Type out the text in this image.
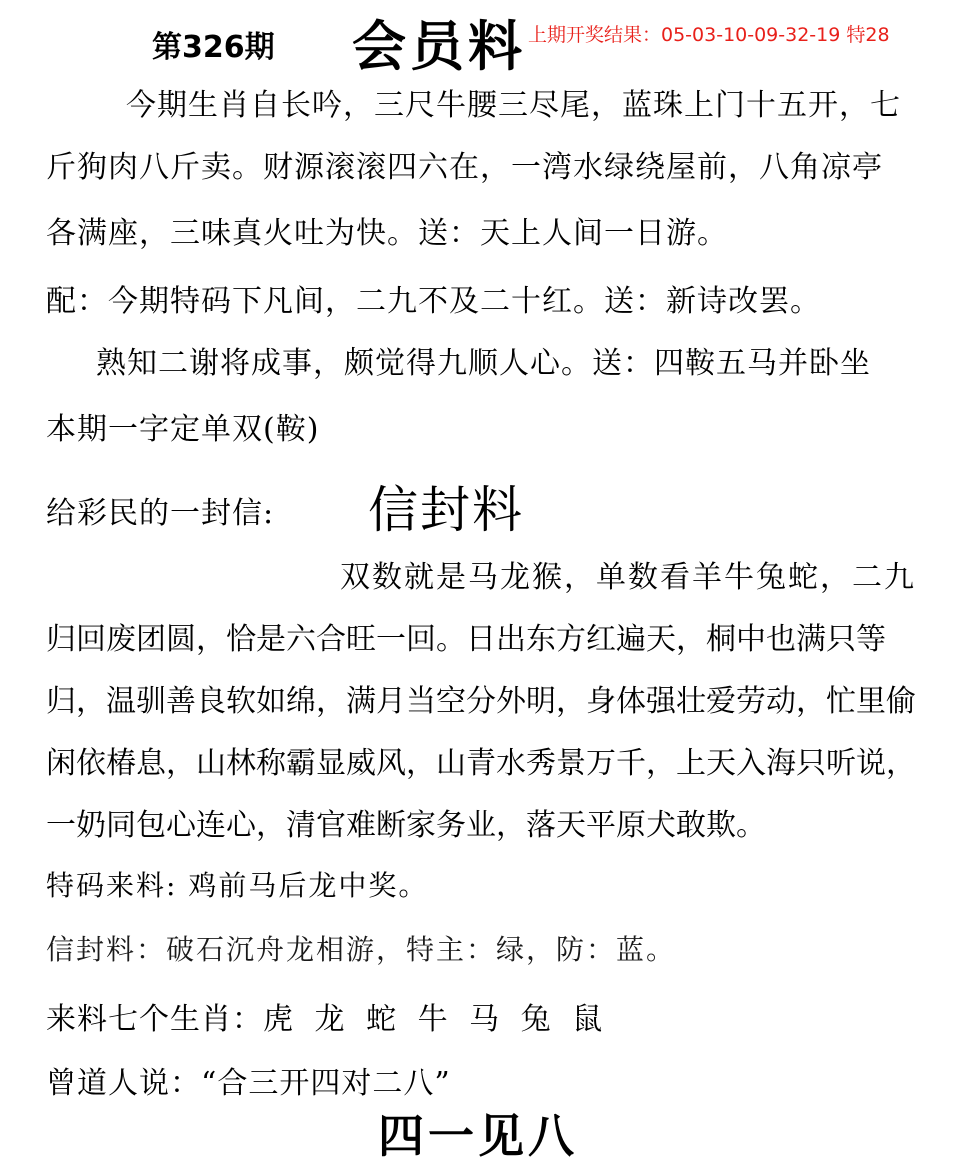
第326期 会员料 上期开奖结果：05-03-10-09-32-19 特28
今期生肖自长吟，三尺牛腰三尽尾，蓝珠上门十五开，七
斤狗肉八斤卖。财源滚滚四六在，一湾水绿绕屋前，八角凉亭
各满座，三味真火吐为快。送：天上人间一日游。
配：今期特码下凡间，二九不及二十红。送：新诗改罢。
熟知二谢将成事，颇觉得九顺人心。送：四鞍五马并卧坐
本期一字定单双(鞍)
给彩民的一封信: 信封料
双数就是马龙猴，单数看羊牛兔蛇，二九
归回废团圆，恰是六合旺一回。日出东方红遍天，桐中也满只等
归，温驯善良软如绵，满月当空分外明，身体强壮爱劳动，忙里偷
闲依椿息，山林称霸显威风，山青水秀景万千，上天入海只听说，
一奶同包心连心，清官难断家务业，落天平原犬敢欺。
特码来料: 鸡前马后龙中奖。
信封料：破石沉舟龙相游，特主：绿，防：蓝。
来料七个生肖：虎 龙 蛇 牛 马 兔 鼠
曾道人说：“合三开四对二八”
四一见八
